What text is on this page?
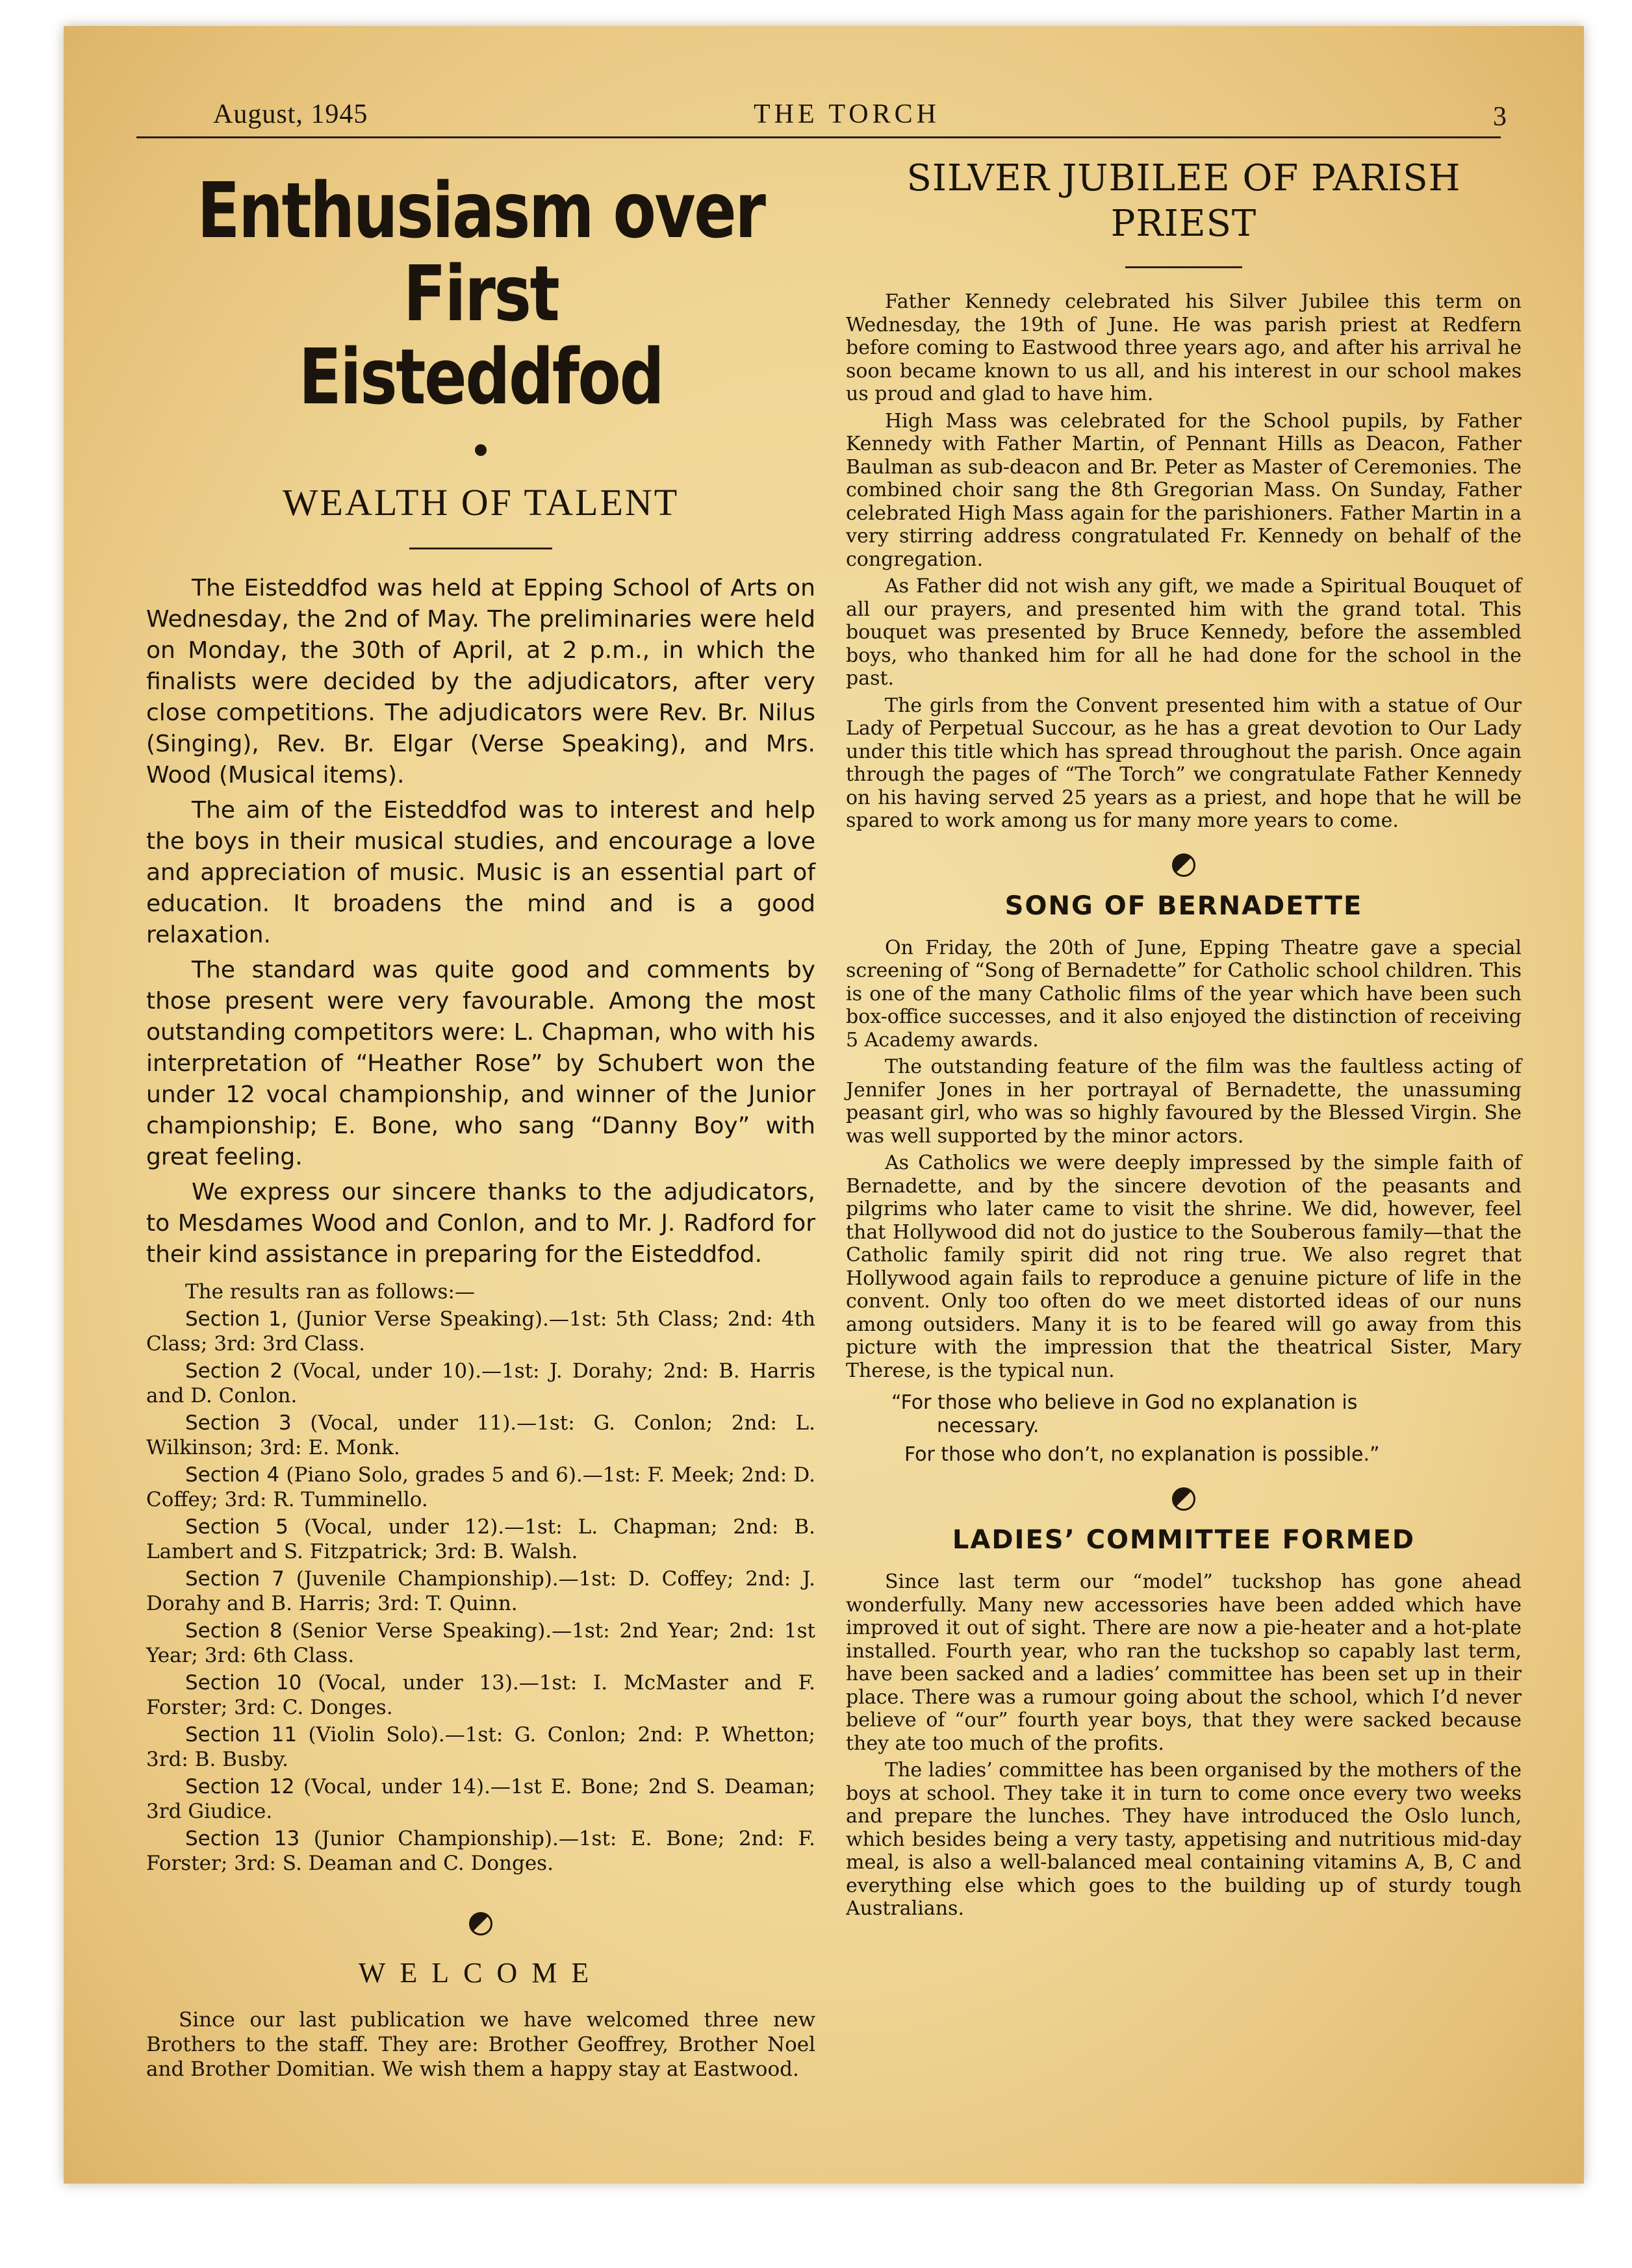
August, 1945	THE TORCH	3
Enthusiasm over First
Eisteddfod
WEALTH OF TALENT

The Eisteddfod was held at Epping School of Arts on Wednesday, the 2nd of May. The preliminaries were held on Monday, the 30th of April, at 2 p.m., in which the finalists were decided by the adjudicators, after very close competitions. The adjudicators were Rev. Br. Nilus (Singing), Rev. Br. Elgar (Verse Speaking), and Mrs. Wood (Musical items).

The aim of the Eisteddfod was to interest and help the boys in their musical studies, and encourage a love and appreciation of music. Music is an essential part of education. It broadens the mind and is a good relaxation.

The standard was quite good and comments by those present were very favourable. Among the most outstanding competitors were: L. Chapman, who with his interpretation of “Heather Rose” by Schubert won the under 12 vocal championship, and winner of the Junior championship; E. Bone, who sang “Danny Boy” with great feeling.

We express our sincere thanks to the adjudicators, to Mesdames Wood and Conlon, and to Mr. J. Radford for their kind assistance in preparing for the Eisteddfod.

The results ran as follows:—
Section 1, (Junior Verse Speaking).—1st: 5th Class; 2nd: 4th Class; 3rd: 3rd Class.
Section 2 (Vocal, under 10).—1st: J. Dorahy; 2nd: B. Harris and D. Conlon.
Section 3 (Vocal, under 11).—1st: G. Conlon; 2nd: L. Wilkinson; 3rd: E. Monk.
Section 4 (Piano Solo, grades 5 and 6).—1st: F. Meek; 2nd: D. Coffey; 3rd: R. Tumminello.
Section 5 (Vocal, under 12).—1st: L. Chapman; 2nd: B. Lambert and S. Fitzpatrick; 3rd: B. Walsh.
Section 7 (Juvenile Championship).—1st: D. Coffey; 2nd: J. Dorahy and B. Harris; 3rd: T. Quinn.
Section 8 (Senior Verse Speaking).—1st: 2nd Year; 2nd: 1st Year; 3rd: 6th Class.
Section 10 (Vocal, under 13).—1st: I. McMaster and F. Forster; 3rd: C. Donges.
Section 11 (Violin Solo).—1st: G. Conlon; 2nd: P. Whetton; 3rd: B. Busby.
Section 12 (Vocal, under 14).—1st E. Bone; 2nd S. Deaman; 3rd Giudice.
Section 13 (Junior Championship).—1st: E. Bone; 2nd: F. Forster; 3rd: S. Deaman and C. Donges.
WELCOME
Since our last publication we have welcomed three new Brothers to the staff. They are: Brother Geoffrey, Brother Noel and Brother Domitian. We wish them a happy stay at Eastwood.
SILVER JUBILEE OF PARISH PRIEST

Father Kennedy celebrated his Silver Jubilee this term on Wednesday, the 19th of June. He was parish priest at Redfern before coming to Eastwood three years ago, and after his arrival he soon became known to us all, and his interest in our school makes us proud and glad to have him.

High Mass was celebrated for the School pupils, by Father Kennedy with Father Martin, of Pennant Hills as Deacon, Father Baulman as sub-deacon and Br. Peter as Master of Ceremonies. The combined choir sang the 8th Gregorian Mass. On Sunday, Father celebrated High Mass again for the parishioners. Father Martin in a very stirring address congratulated Fr. Kennedy on behalf of the congregation.

As Father did not wish any gift, we made a Spiritual Bouquet of all our prayers, and presented him with the grand total. This bouquet was presented by Bruce Kennedy, before the assembled boys, who thanked him for all he had done for the school in the past.

The girls from the Convent presented him with a statue of Our Lady of Perpetual Succour, as he has a great devotion to Our Lady under this title which has spread throughout the parish. Once again through the pages of “The Torch” we congratulate Father Kennedy on his having served 25 years as a priest, and hope that he will be spared to work among us for many more years to come.

SONG OF BERNADETTE

On Friday, the 20th of June, Epping Theatre gave a special screening of “Song of Bernadette” for Catholic school children. This is one of the many Catholic films of the year which have been such box-office successes, and it also enjoyed the distinction of receiving 5 Academy awards.

The outstanding feature of the film was the faultless acting of Jennifer Jones in her portrayal of Bernadette, the unassuming peasant girl, who was so highly favoured by the Blessed Virgin. She was well supported by the minor actors.

As Catholics we were deeply impressed by the simple faith of Bernadette, and by the sincere devotion of the peasants and pilgrims who later came to visit the shrine. We did, however, feel that Hollywood did not do justice to the Souberous family—that the Catholic family spirit did not ring true. We also regret that Hollywood again fails to reproduce a genuine picture of life in the convent. Only too often do we meet distorted ideas of our nuns among outsiders. Many it is to be feared will go away from this picture with the impression that the theatrical Sister, Mary Therese, is the typical nun.

“For those who believe in God no explanation is
necessary.
For those who don’t, no explanation is possible.”
LADIES’ COMMITTEE FORMED

Since last term our “model” tuckshop has gone ahead wonderfully. Many new accessories have been added which have improved it out of sight. There are now a pie-heater and a hot-plate installed. Fourth year, who ran the tuckshop so capably last term, have been sacked and a ladies’ committee has been set up in their place. There was a rumour going about the school, which I’d never believe of “our” fourth year boys, that they were sacked because they ate too much of the profits.

The ladies’ committee has been organised by the mothers of the boys at school. They take it in turn to come once every two weeks and prepare the lunches. They have introduced the Oslo lunch, which besides being a very tasty, appetising and nutritious mid-day meal, is also a well-balanced meal containing vitamins A, B, C and everything else which goes to the building up of sturdy tough Australians.
